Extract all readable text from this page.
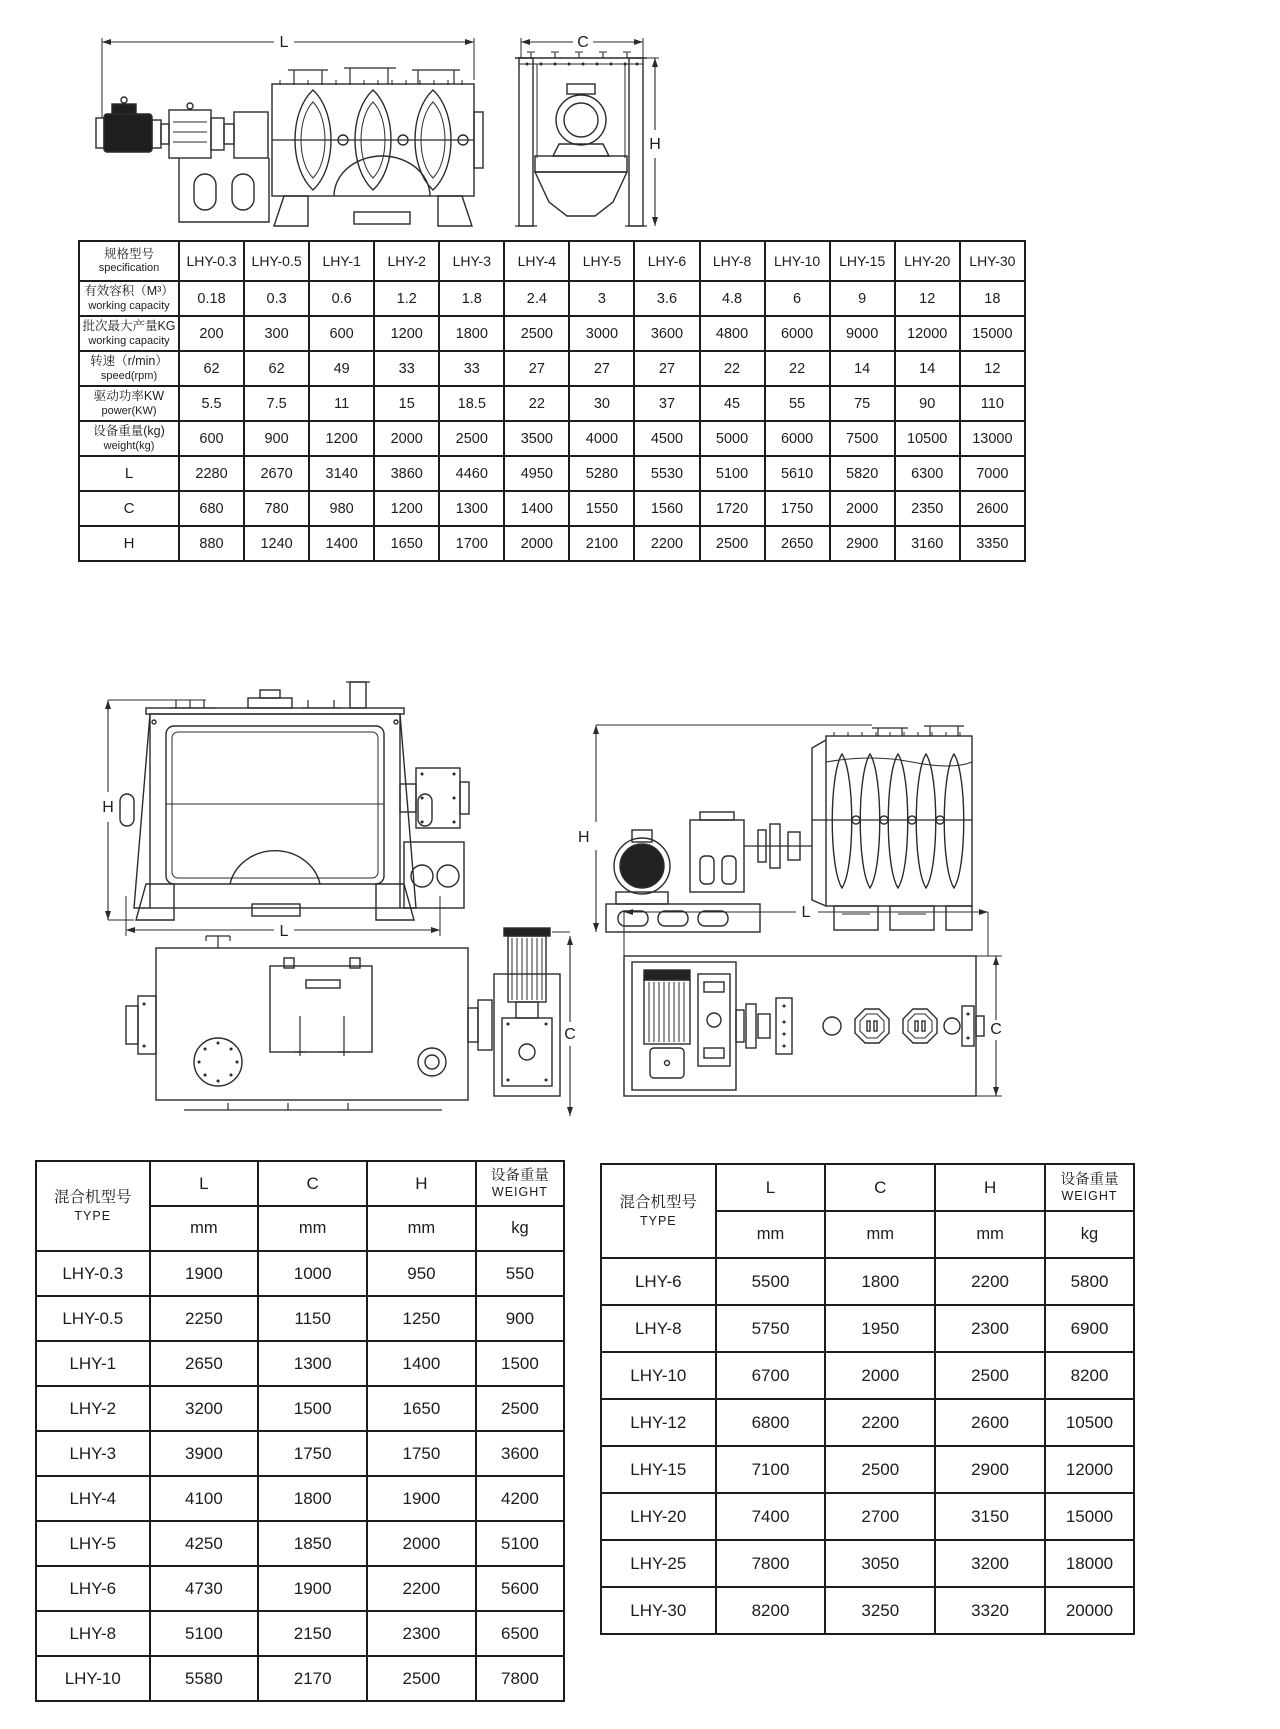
L	C
H
H
L
H
C
L
C
规格型号
specification	LHY-0.3	LHY-0.5	LHY-1	LHY-2	LHY-3	LHY-4	LHY-5	LHY-6	LHY-8	LHY-10	LHY-15	LHY-20	LHY-30

有效容积（M³）
working capacity	0.18	0.3	0.6	1.2	1.8	2.4	3	3.6	4.8	6	9	12	18

批次最大产量KG
working capacity	200	300	600	1200	1800	2500	3000	3600	4800	6000	9000	12000	15000

转速（r/min）
speed(rpm)	62	62	49	33	33	27	27	27	22	22	14	14	12

驱动功率KW
power(KW)	5.5	7.5	11	15	18.5	22	30	37	45	55	75	90	110

设备重量(kg)
weight(kg)	600	900	1200	2000	2500	3500	4000	4500	5000	6000	7500	10500	13000
L	2280	2670	3140	3860	4460	4950	5280	5530	5100	5610	5820	6300	7000
C	680	780	980	1200	1300	1400	1550	1560	1720	1750	2000	2350	2600
H	880	1240	1400	1650	1700	2000	2100	2200	2500	2650	2900	3160	3350
混合机型号
TYPE
	L	C	H	设备重量
WEIGHT

	mm	mm	mm	kg
LHY-0.3	1900	1000	950	550
LHY-0.5	2250	1150	1250	900
LHY-1	2650	1300	1400	1500
LHY-2	3200	1500	1650	2500
LHY-3	3900	1750	1750	3600
LHY-4	4100	1800	1900	4200
LHY-5	4250	1850	2000	5100
LHY-6	4730	1900	2200	5600
LHY-8	5100	2150	2300	6500
LHY-10	5580	2170	2500	7800
混合机型号
TYPE
	L	C	H	设备重量
WEIGHT

	mm	mm	mm	kg
LHY-6	5500	1800	2200	5800
LHY-8	5750	1950	2300	6900
LHY-10	6700	2000	2500	8200
LHY-12	6800	2200	2600	10500
LHY-15	7100	2500	2900	12000
LHY-20	7400	2700	3150	15000
LHY-25	7800	3050	3200	18000
LHY-30	8200	3250	3320	20000
